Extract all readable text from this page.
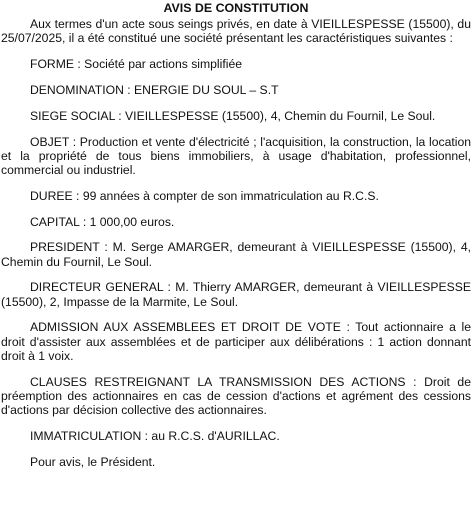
AVIS DE CONSTITUTION

Aux termes d'un acte sous seings privés, en date à VIEILLESPESSE (15500), du 25/07/2025, il a été constitué une société présentant les caractéristiques suivantes :

FORME : Société par actions simplifiée

DENOMINATION : ENERGIE DU SOUL – S.T

SIEGE SOCIAL : VIEILLESPESSE (15500), 4, Chemin du Fournil, Le Soul.

OBJET : Production et vente d'électricité ; l'acquisition, la construction, la location et la propriété de tous biens immobiliers, à usage d'habitation, professionnel, commercial ou industriel.

DUREE : 99 années à compter de son immatriculation au R.C.S.

CAPITAL : 1 000,00 euros.

PRESIDENT : M. Serge AMARGER, demeurant à VIEILLESPESSE (15500), 4, Chemin du Fournil, Le Soul.

DIRECTEUR GENERAL : M. Thierry AMARGER, demeurant à VIEILLESPESSE (15500), 2, Impasse de la Marmite, Le Soul.

ADMISSION AUX ASSEMBLEES ET DROIT DE VOTE : Tout actionnaire a le droit d'assister aux assemblées et de participer aux délibérations : 1 action donnant droit à 1 voix.

CLAUSES RESTREIGNANT LA TRANSMISSION DES ACTIONS : Droit de préemption des actionnaires en cas de cession d'actions et agrément des cessions d'actions par décision collective des actionnaires.

IMMATRICULATION : au R.C.S. d'AURILLAC.

Pour avis, le Président.
